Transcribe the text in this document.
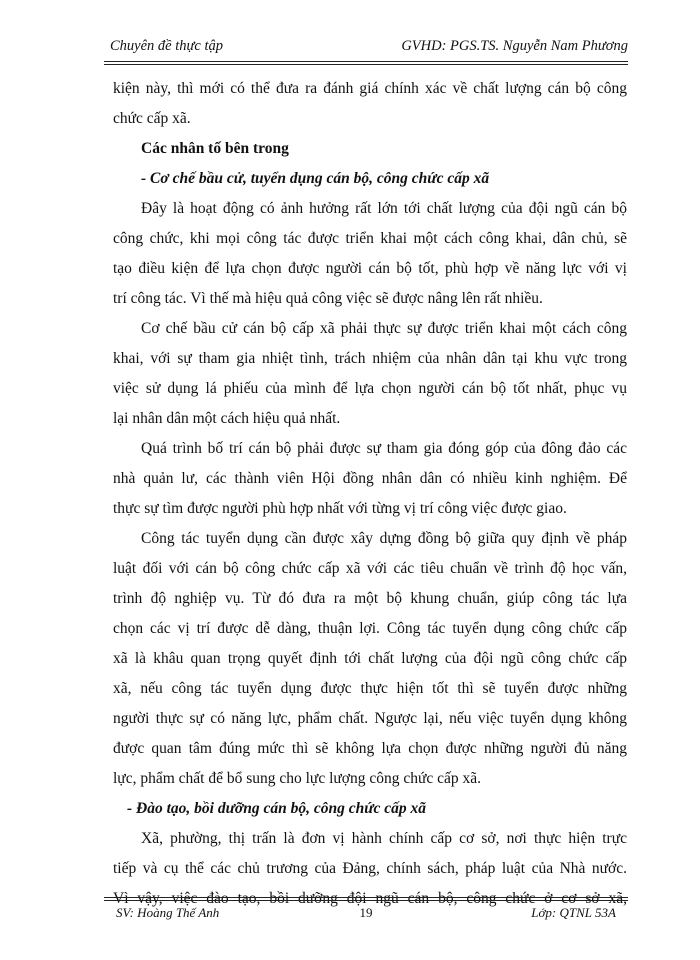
Chuyên đề thực tập	GVHD: PGS.TS. Nguyễn Nam Phương
kiện này, thì mới có thể đưa ra đánh giá chính xác về chất lượng cán bộ công
chức cấp xã.
Các nhân tố bên trong
- Cơ chế bầu cử, tuyển dụng cán bộ, công chức cấp xã
Đây là hoạt động có ảnh hưởng rất lớn tới chất lượng của đội ngũ cán bộ
công chức, khi mọi công tác được triển khai một cách công khai, dân chủ, sẽ
tạo điều kiện để lựa chọn được người cán bộ tốt, phù hợp về năng lực với vị
trí công tác. Vì thế mà hiệu quả công việc sẽ được nâng lên rất nhiều.
Cơ chế bầu cử cán bộ cấp xã phải thực sự được triển khai một cách công
khai, với sự tham gia nhiệt tình, trách nhiệm của nhân dân tại khu vực trong
việc sử dụng lá phiếu của mình để lựa chọn người cán bộ tốt nhất, phục vụ
lại nhân dân một cách hiệu quả nhất.
Quá trình bố trí cán bộ phải được sự tham gia đóng góp của đông đảo các
nhà quản lư, các thành viên Hội đồng nhân dân có nhiều kinh nghiệm. Để
thực sự tìm được người phù hợp nhất với từng vị trí công việc được giao.
Công tác tuyển dụng cần được xây dựng đồng bộ giữa quy định về pháp
luật đối với cán bộ công chức cấp xã với các tiêu chuẩn về trình độ học vấn,
trình độ nghiệp vụ. Từ đó đưa ra một bộ khung chuẩn, giúp công tác lựa
chọn các vị trí được dễ dàng, thuận lợi. Công tác tuyển dụng công chức cấp
xã là khâu quan trọng quyết định tới chất lượng của đội ngũ công chức cấp
xã, nếu công tác tuyển dụng được thực hiện tốt thì sẽ tuyển được những
người thực sự có năng lực, phẩm chất. Ngược lại, nếu việc tuyển dụng không
được quan tâm đúng mức thì sẽ không lựa chọn được những người đủ năng
lực, phẩm chất để bổ sung cho lực lượng công chức cấp xã.
- Đào tạo, bồi dưỡng cán bộ, công chức cấp xã
Xã, phường, thị trấn là đơn vị hành chính cấp cơ sở, nơi thực hiện trực
tiếp và cụ thể các chủ trương của Đảng, chính sách, pháp luật của Nhà nước.
Vì vậy, việc đào tạo, bồi dưỡng đội ngũ cán bộ, công chức ở cơ sở xã,
SV: Hoàng Thế Anh	19	Lớp: QTNL 53A
